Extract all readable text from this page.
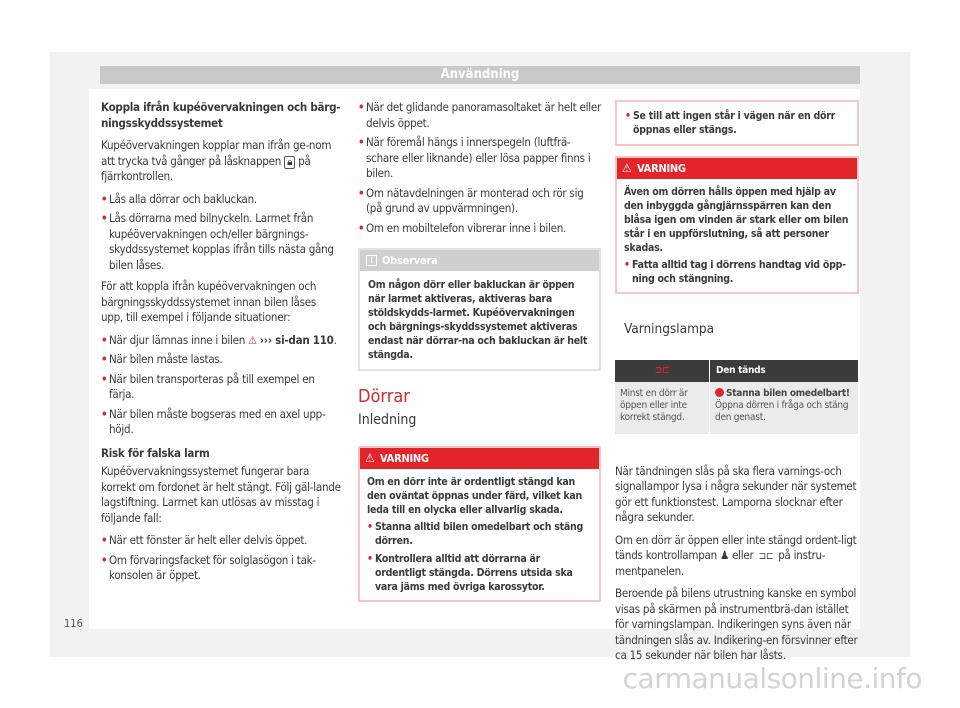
Användning

Koppla ifrån kupéövervakningen och bärg-ningsskyddssystemet

Kupéövervakningen kopplar man ifrån ge-nom att trycka två gånger på låsknappen 🔒︎ på fjärrkontrollen.

• Lås alla dörrar och bakluckan.
• Lås dörrarna med bilnyckeln. Larmet från kupéövervakningen och/eller bärgnings-skyddssystemet kopplas ifrån tills nästa gång bilen låses.

För att koppla ifrån kupéövervakningen och bärgningsskyddssystemet innan bilen låses upp, till exempel i följande situationer:

• När djur lämnas inne i bilen ⚠ ››› si-dan 110.
• När bilen måste lastas.
• När bilen transporteras på till exempel en färja.
• När bilen måste bogseras med en axel upp-höjd.

Risk för falska larm

Kupéövervakningssystemet fungerar bara korrekt om fordonet är helt stängt. Följ gäl-lande lagstiftning. Larmet kan utlösas av misstag i följande fall:

• När ett fönster är helt eller delvis öppet.
• Om förvaringsfacket för solglasögon i tak-konsolen är öppet.
• När det glidande panoramasoltaket är helt eller delvis öppet.
• När föremål hängs i innerspegeln (luftfrä-schare eller liknande) eller lösa papper finns i bilen.
• Om nätavdelningen är monterad och rör sig (på grund av uppvärmningen).
• Om en mobiltelefon vibrerar inne i bilen.
i Observera
Om någon dörr eller bakluckan är öppen när larmet aktiveras, aktiveras bara stöldskydds-larmet. Kupéövervakningen och bärgnings-skyddssystemet aktiveras endast när dörrar-na och bakluckan är helt stängda.
Dörrar
Inledning
⚠ VARNING

Om en dörr inte är ordentligt stängd kan den oväntat öppnas under färd, vilket kan leda till en olycka eller allvarlig skada.

• Stanna alltid bilen omedelbart och stäng dörren.
• Kontrollera alltid att dörrarna är ordentligt stängda. Dörrens utsida ska vara jäms med övriga karossytor.
• Se till att ingen står i vägen när en dörr öppnas eller stängs.
⚠ VARNING

Även om dörren hålls öppen med hjälp av den inbyggda gångjärnsspärren kan den blåsa igen om vinden är stark eller om bilen står i en uppförslutning, så att personer skadas.

• Fatta alltid tag i dörrens handtag vid öpp-ning och stängning.
Varningslampa
⊐⊏	Den tänds
Minst en dörr är öppen eller inte korrekt stängd.	Stanna bilen omedelbart!
Öppna dörren i fråga och stäng den genast.

När tändningen slås på ska flera varnings-och signallampor lysa i några sekunder när systemet gör ett funktionstest. Lamporna slocknar efter några sekunder.

Om en dörr är öppen eller inte stängd ordent-ligt tänds kontrollampan ♟ eller ⊐⊏ på instru-mentpanelen.

Beroende på bilens utrustning kanske en symbol visas på skärmen på instrumentbrä-dan istället för varningslampan. Indikeringen syns även när tändningen slås av. Indikering-en försvinner efter ca 15 sekunder när bilen har låsts.

116
carmanualsonline.info
